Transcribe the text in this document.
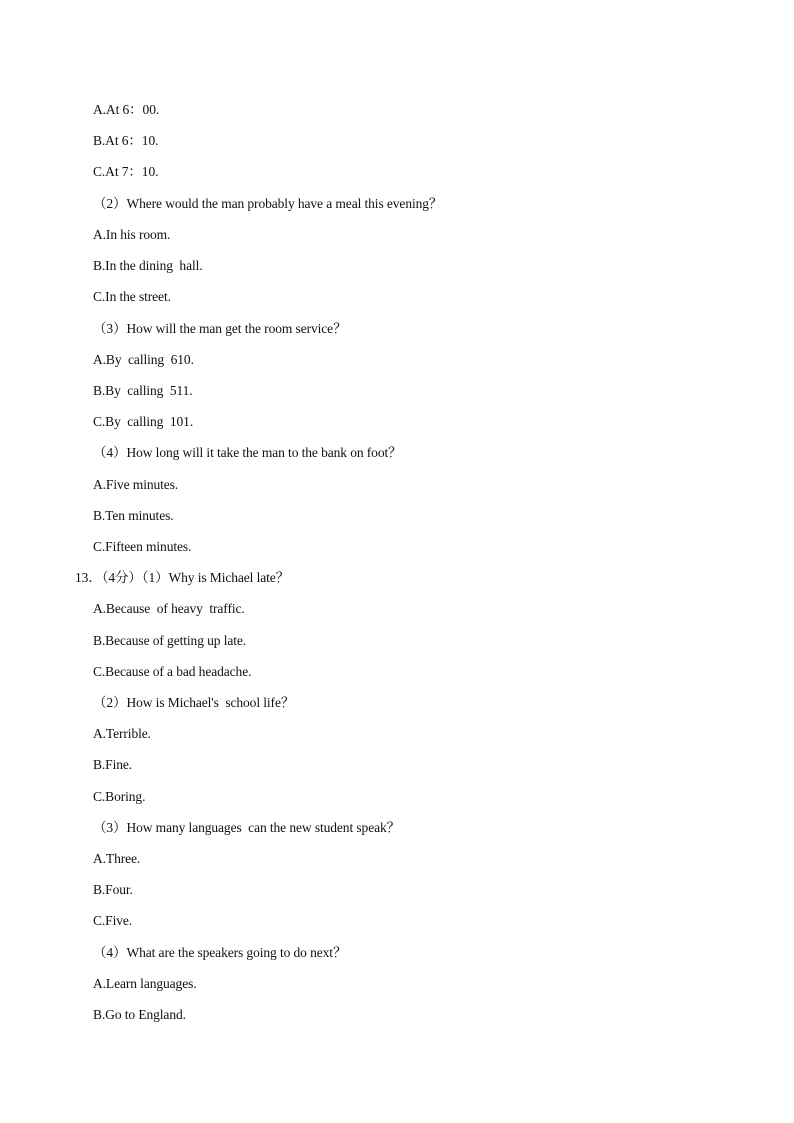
A.At 6：00.
B.At 6：10.
C.At 7：10.
（2）Where would the man probably have a meal this evening？
A.In his room.
B.In the dining  hall.
C.In the street.
（3）How will the man get the room service？
A.By  calling  610.
B.By  calling  511.
C.By  calling  101.
（4）How long will it take the man to the bank on foot？
A.Five minutes.
B.Ten minutes.
C.Fifteen minutes.
13．（4分）（1）Why is Michael late？
A.Because  of heavy  traffic.
B.Because of getting up late.
C.Because of a bad headache.
（2）How is Michael's  school life？
A.Terrible.
B.Fine.
C.Boring.
（3）How many languages  can the new student speak？
A.Three.
B.Four.
C.Five.
（4）What are the speakers going to do next？
A.Learn languages.
B.Go to England.
